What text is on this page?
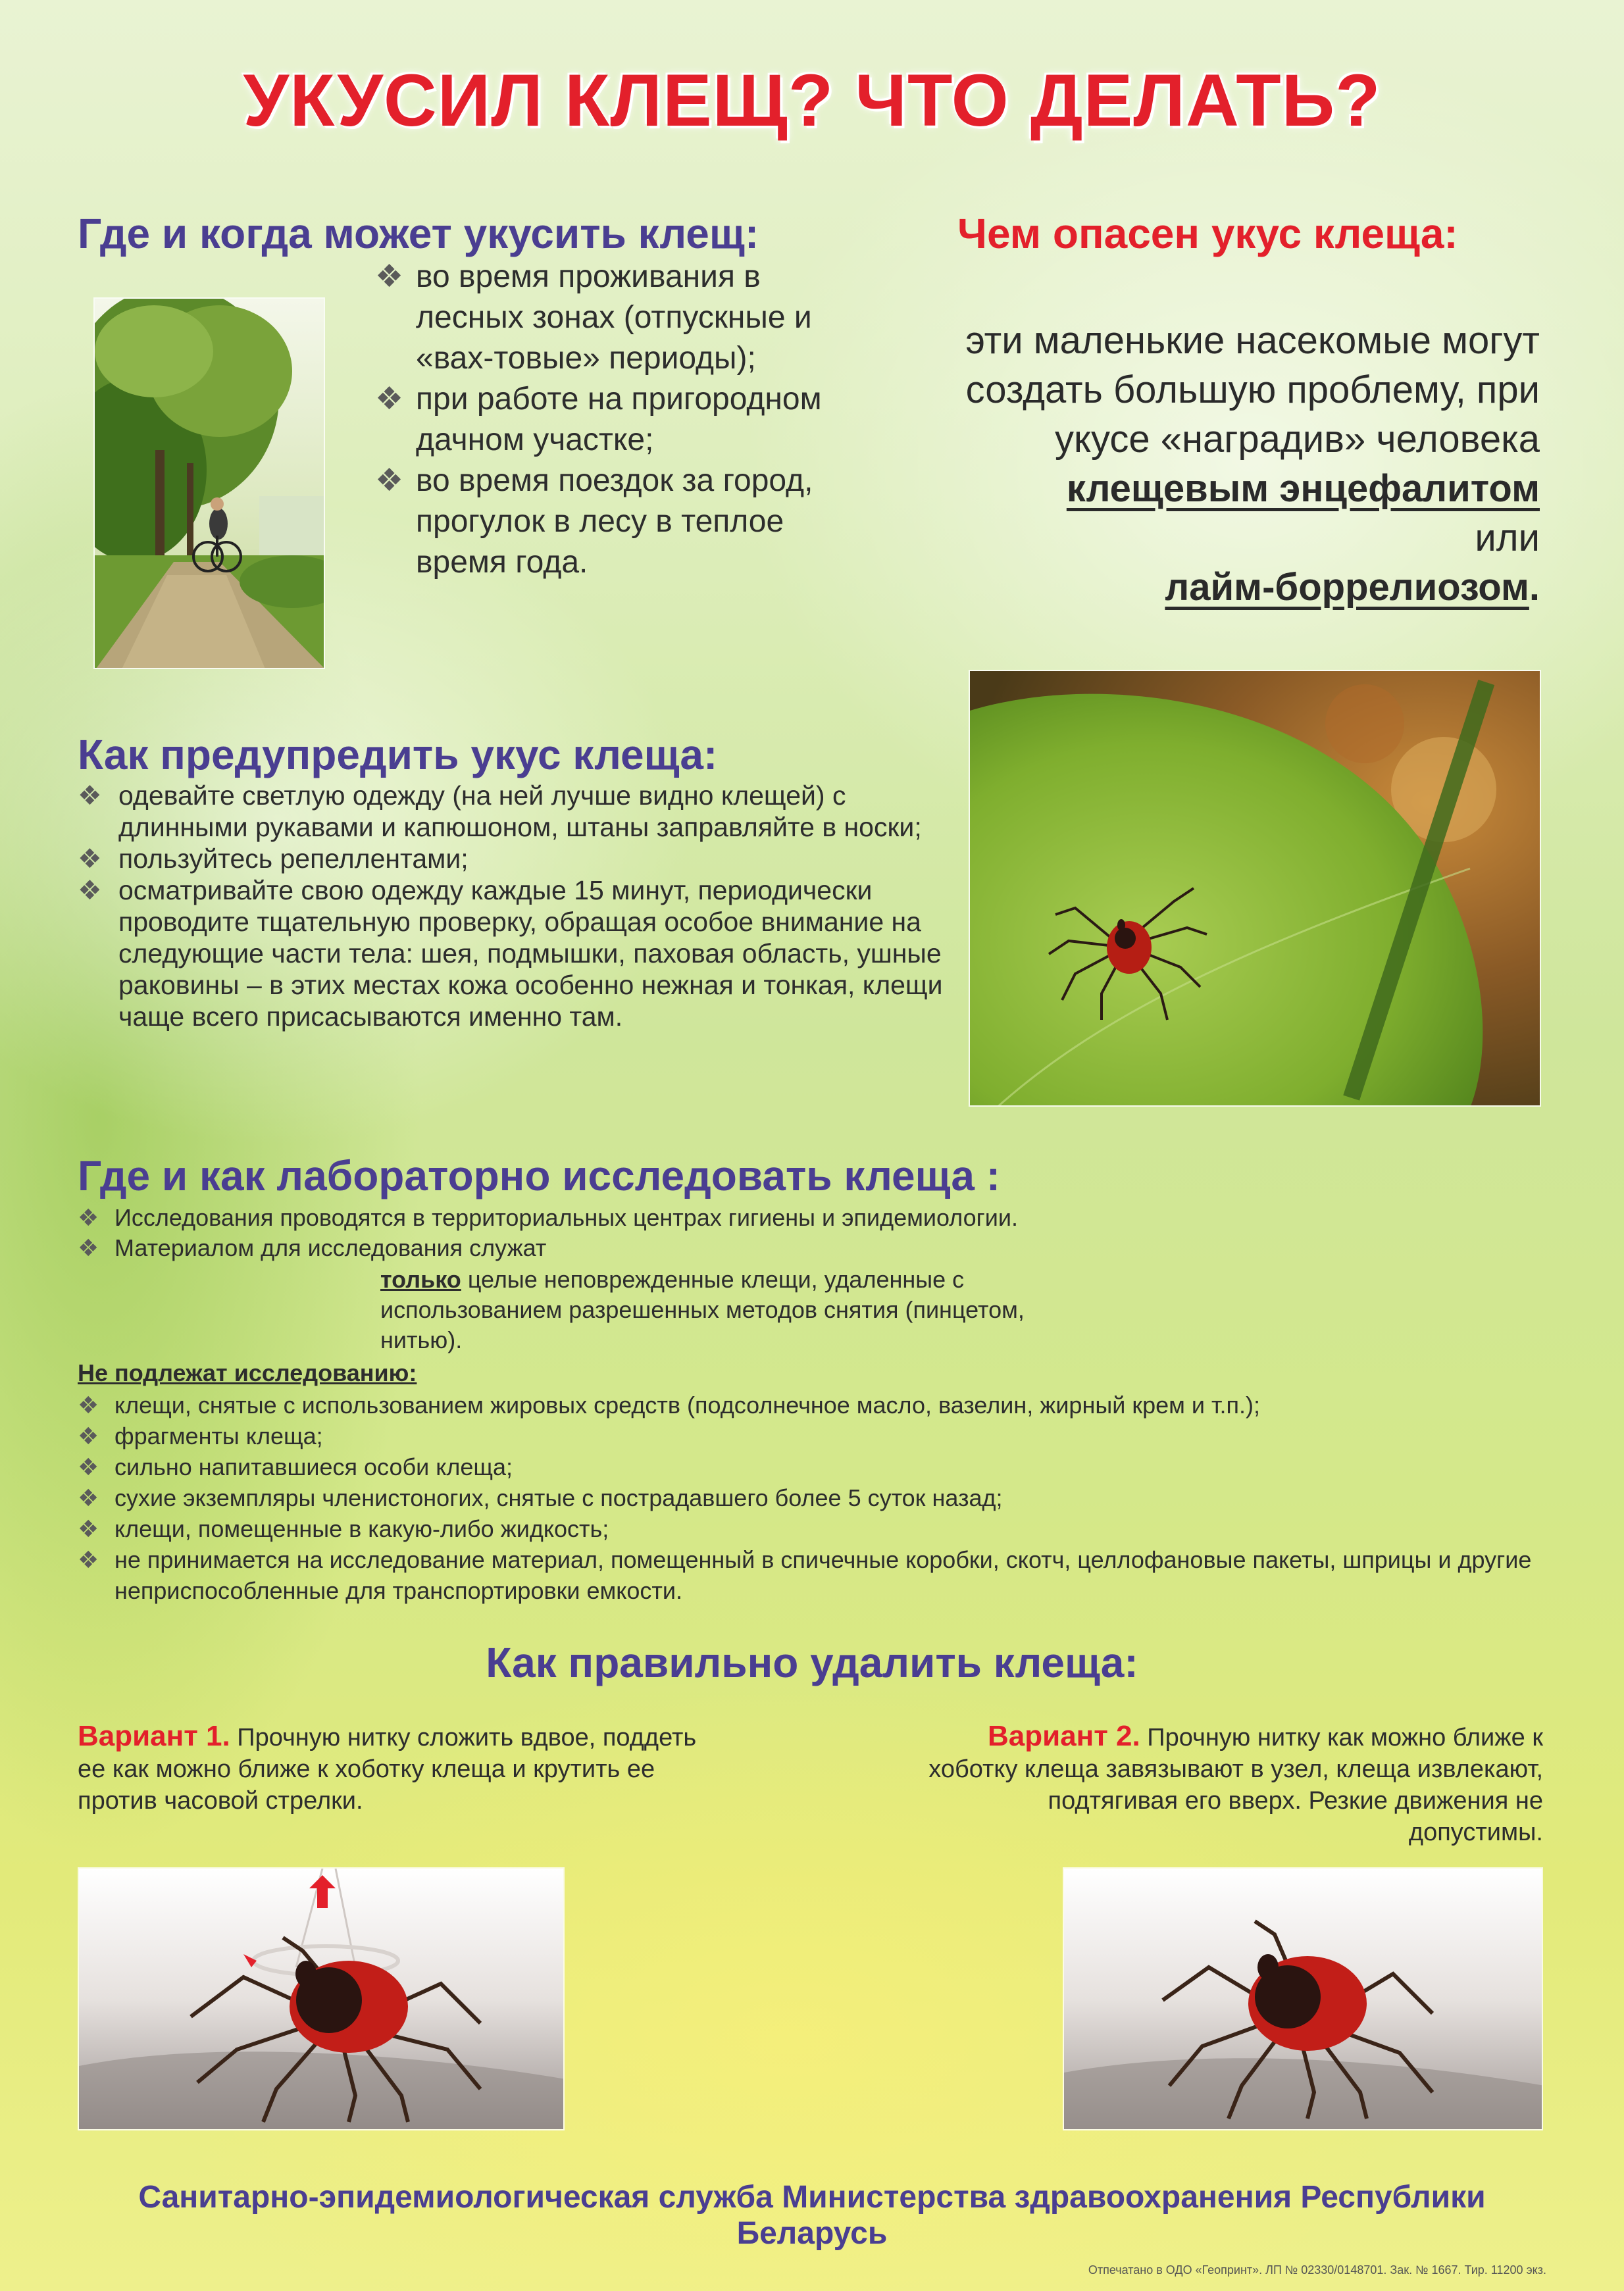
УКУСИЛ КЛЕЩ? ЧТО ДЕЛАТЬ?
Где и когда может укусить клещ:
❖ во время проживания в лесных зонах (отпускные и «вах-товые» периоды);
❖ при работе на пригородном дачном участке;
❖ во время поездок за город, прогулок в лесу в теплое время года.
Чем опасен укус клеща:
эти маленькие насекомые могут создать большую проблему, при укусе «наградив» человека
клещевым энцефалитом
или
лайм-боррелиозом.
Как предупредить укус клеща:
❖ одевайте светлую одежду (на ней лучше видно клещей) с длинными рукавами и капюшоном, штаны заправляйте в носки;
❖ пользуйтесь репеллентами;
❖ осматривайте свою одежду каждые 15 минут, периодически проводите тщательную проверку, обращая особое внимание на следующие части тела: шея, подмышки, паховая область, ушные раковины – в этих местах кожа особенно нежная и тонкая, клещи чаще всего присасываются именно там.
Где и как лабораторно исследовать клеща :
❖ Исследования проводятся в территориальных центрах гигиены и эпидемиологии.
❖ Материалом для исследования служат
только целые неповрежденные клещи, удаленные с использованием разрешенных методов снятия (пинцетом, нитью).
Не подлежат исследованию:
❖ клещи, снятые с использованием жировых средств (подсолнечное масло, вазелин, жирный крем и т.п.);
❖ фрагменты клеща;
❖ сильно напитавшиеся особи клеща;
❖ сухие экземпляры членистоногих, снятые с пострадавшего более 5 суток назад;
❖ клещи, помещенные в какую-либо жидкость;
❖ не принимается на исследование материал, помещенный в спичечные коробки, скотч, целлофановые пакеты, шприцы и другие неприспособленные для транспортировки емкости.
Как правильно удалить клеща:
Вариант 1. Прочную нитку сложить вдвое, поддеть ее как можно ближе к хоботку клеща и крутить ее против часовой стрелки.
Вариант 2. Прочную нитку как можно ближе к хоботку клеща завязывают в узел, клеща извлекают, подтягивая его вверх. Резкие движения не допустимы.
Санитарно-эпидемиологическая служба Министерства здравоохранения Республики Беларусь
Отпечатано в ОДО «Геопринт». ЛП № 02330/0148701. Зак. № 1667. Тир. 11200 экз.
